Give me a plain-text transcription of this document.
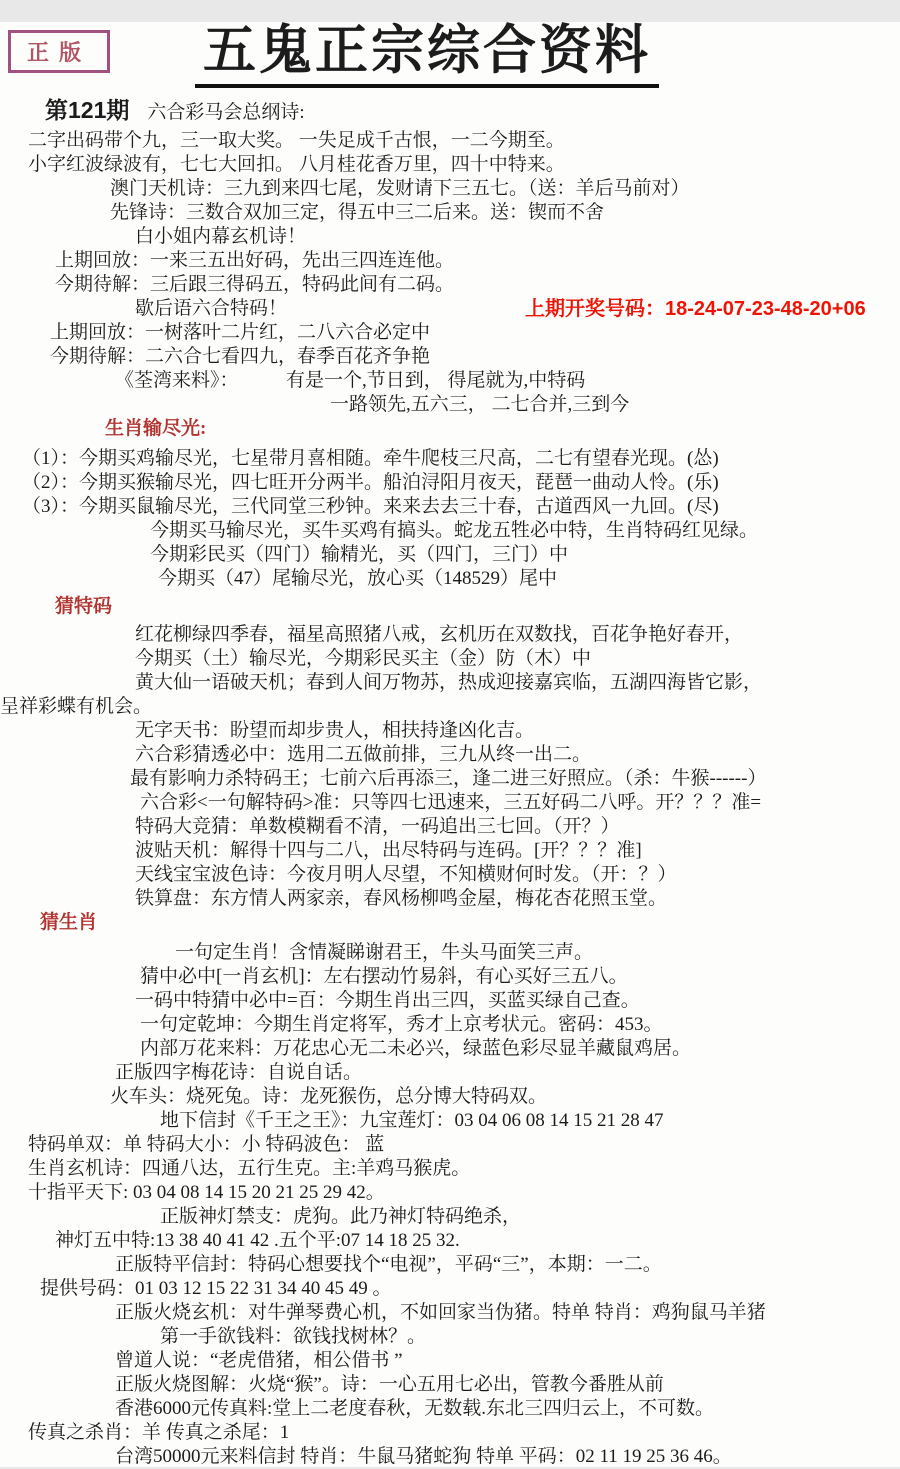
正版	五鬼正宗综合资料
第121期 六合彩马会总纲诗:
二字出码带个九，三一取大奖。 一失足成千古恨，一二今期至。
小字红波绿波有，七七大回扣。 八月桂花香万里，四十中特来。
澳门天机诗：三九到来四七尾，发财请下三五七。（送：羊后马前对）
先锋诗：三数合双加三定，得五中三二后来。送：锲而不舍
白小姐内幕玄机诗！
上期回放：一来三五出好码，先出三四连连他。
今期待解：三后跟三得码五，特码此间有二码。
歇后语六合特码！
上期回放：一树落叶二片红，二八六合必定中
今期待解：二六合七看四九，春季百花齐争艳
《荃湾来料》：　　　有是一个,节日到， 得尾就为,中特码
一路领先,五六三， 二七合并,三到今
生肖输尽光:
（1）：今期买鸡输尽光，七星带月喜相随。牵牛爬枝三尺高，二七有望春光现。(怂)
（2）：今期买猴输尽光，四七旺开分两半。船泊浔阳月夜天，琵琶一曲动人怜。(乐)
（3）：今期买鼠输尽光，三代同堂三秒钟。来来去去三十春，古道西风一九回。(尽)
今期买马输尽光，买牛买鸡有搞头。蛇龙五牲必中特，生肖特码红见绿。
今期彩民买（四门）输精光，买（四门，三门）中
今期买（47）尾输尽光，放心买（148529）尾中
猜特码
红花柳绿四季春，福星高照猪八戒，玄机历在双数找，百花争艳好春开，
今期买（土）输尽光，今期彩民买主（金）防（木）中
黄大仙一语破天机；春到人间万物苏，热成迎接嘉宾临，五湖四海皆它影，
呈祥彩蝶有机会。
无字天书：盼望而却步贵人，相扶持逢凶化吉。
六合彩猜透必中：选用二五做前排，三九从终一出二。
最有影响力杀特码王；七前六后再添三，逢二进三好照应。（杀：牛猴------）
六合彩<一句解特码>准：只等四七迅速来，三五好码二八呼。开？？？准=
特码大竞猜：单数模糊看不清，一码追出三七回。（开？）
波贴天机：解得十四与二八，出尽特码与连码。[开？？？准]
天线宝宝波色诗：今夜月明人尽望，不知横财何时发。（开：？）
铁算盘：东方情人两家亲，春风杨柳鸣金屋，梅花杏花照玉堂。
猜生肖
一句定生肖！含情凝睇谢君王，牛头马面笑三声。
猜中必中[一肖玄机]：左右摆动竹易斜，有心买好三五八。
一码中特猜中必中=百：今期生肖出三四，买蓝买绿自己查。
一句定乾坤：今期生肖定将军，秀才上京考状元。密码：453。
内部万花来料：万花忠心无二未必兴，绿蓝色彩尽显羊藏鼠鸡居。
正版四字梅花诗：自说自话。
火车头：烧死兔。诗：龙死猴伤，总分博大特码双。
地下信封《千王之王》：九宝莲灯：03 04 06 08 14 15 21 28 47
特码单双：单 特码大小：小 特码波色： 蓝
生肖玄机诗：四通八达，五行生克。主:羊鸡马猴虎。
十指平天下: 03 04 08 14 15 20 21 25 29 42。
正版神灯禁支：虎狗。此乃神灯特码绝杀，
神灯五中特:13 38 40 41 42 .五个平:07 14 18 25 32.
正版特平信封：特码心想要找个“电视”，平码“三”，本期：一二。
提供号码：01 03 12 15 22 31 34 40 45 49 。
正版火烧玄机：对牛弹琴费心机，不如回家当伪猪。特单 特肖：鸡狗鼠马羊猪
第一手欲钱料：欲钱找树林？。
曾道人说：“老虎借猪，相公借书 ”
正版火烧图解：火烧“猴”。诗：一心五用七必出，管教今番胜从前
香港6000元传真料:堂上二老度春秋，无数载.东北三四归云上，不可数。
传真之杀肖：羊 传真之杀尾：1
台湾50000元来料信封 特肖：牛鼠马猪蛇狗 特单 平码：02 11 19 25 36 46。
上期开奖号码：18-24-07-23-48-20+06
